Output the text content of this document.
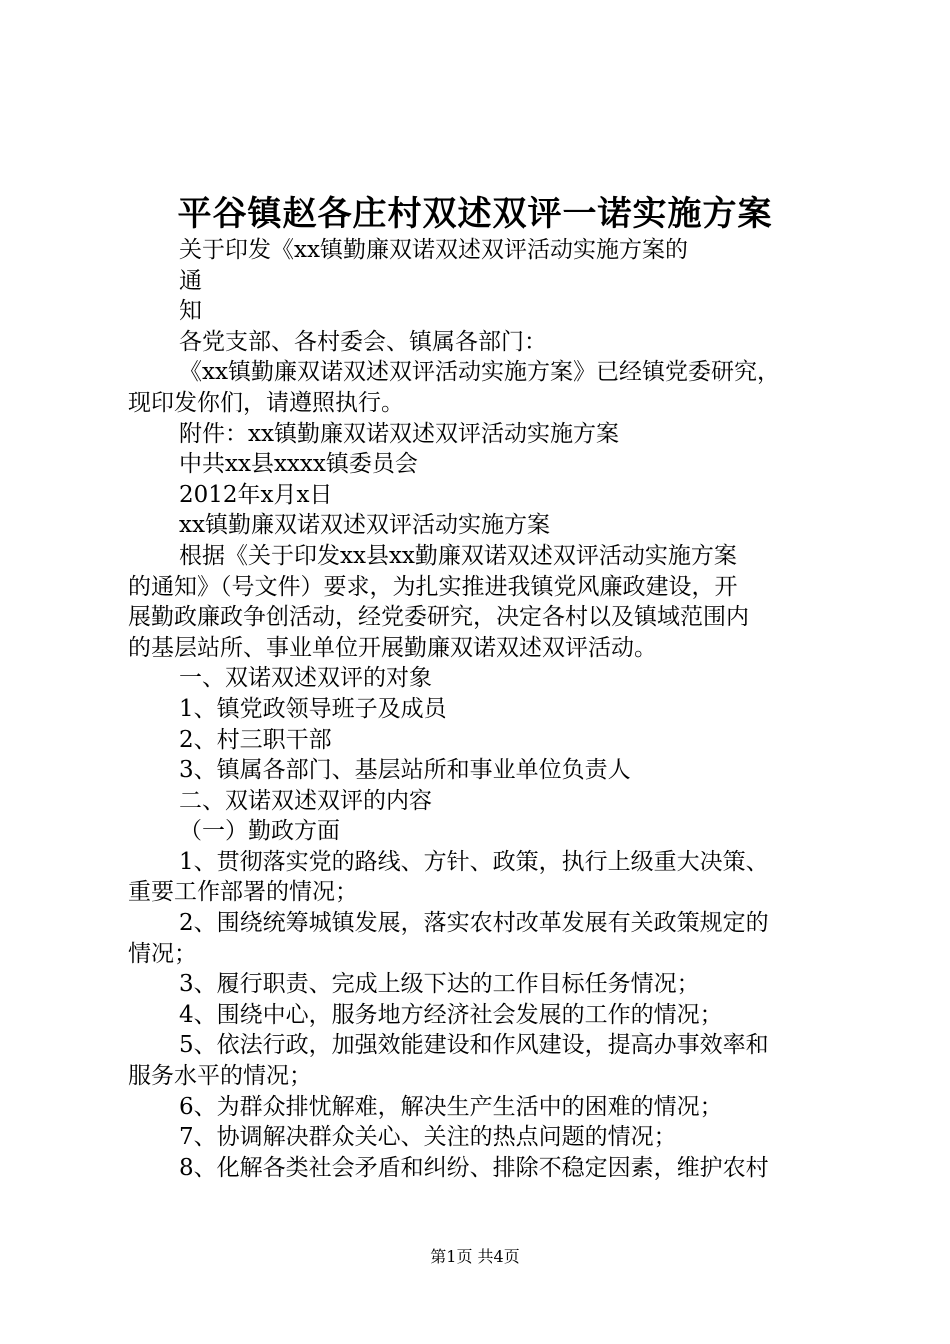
平谷镇赵各庄村双述双评一诺实施方案
关于印发《xx镇勤廉双诺双述双评活动实施方案的
通
知
各党支部、各村委会、镇属各部门：
《xx镇勤廉双诺双述双评活动实施方案》已经镇党委研究，
现印发你们，请遵照执行。
附件：xx镇勤廉双诺双述双评活动实施方案
中共xx县xxxx镇委员会
2012年x月x日
xx镇勤廉双诺双述双评活动实施方案
根据《关于印发xx县xx勤廉双诺双述双评活动实施方案
的通知》（号文件）要求，为扎实推进我镇党风廉政建设，开
展勤政廉政争创活动，经党委研究，决定各村以及镇域范围内
的基层站所、事业单位开展勤廉双诺双述双评活动。
一、双诺双述双评的对象
1、镇党政领导班子及成员
2、村三职干部
3、镇属各部门、基层站所和事业单位负责人
二、双诺双述双评的内容
（一）勤政方面
1、贯彻落实党的路线、方针、政策，执行上级重大决策、
重要工作部署的情况；
2、围绕统筹城镇发展，落实农村改革发展有关政策规定的
情况；
3、履行职责、完成上级下达的工作目标任务情况；
4、围绕中心，服务地方经济社会发展的工作的情况；
5、依法行政，加强效能建设和作风建设，提高办事效率和
服务水平的情况；
6、为群众排忧解难，解决生产生活中的困难的情况；
7、协调解决群众关心、关注的热点问题的情况；
8、化解各类社会矛盾和纠纷、排除不稳定因素，维护农村
第1页 共4页
